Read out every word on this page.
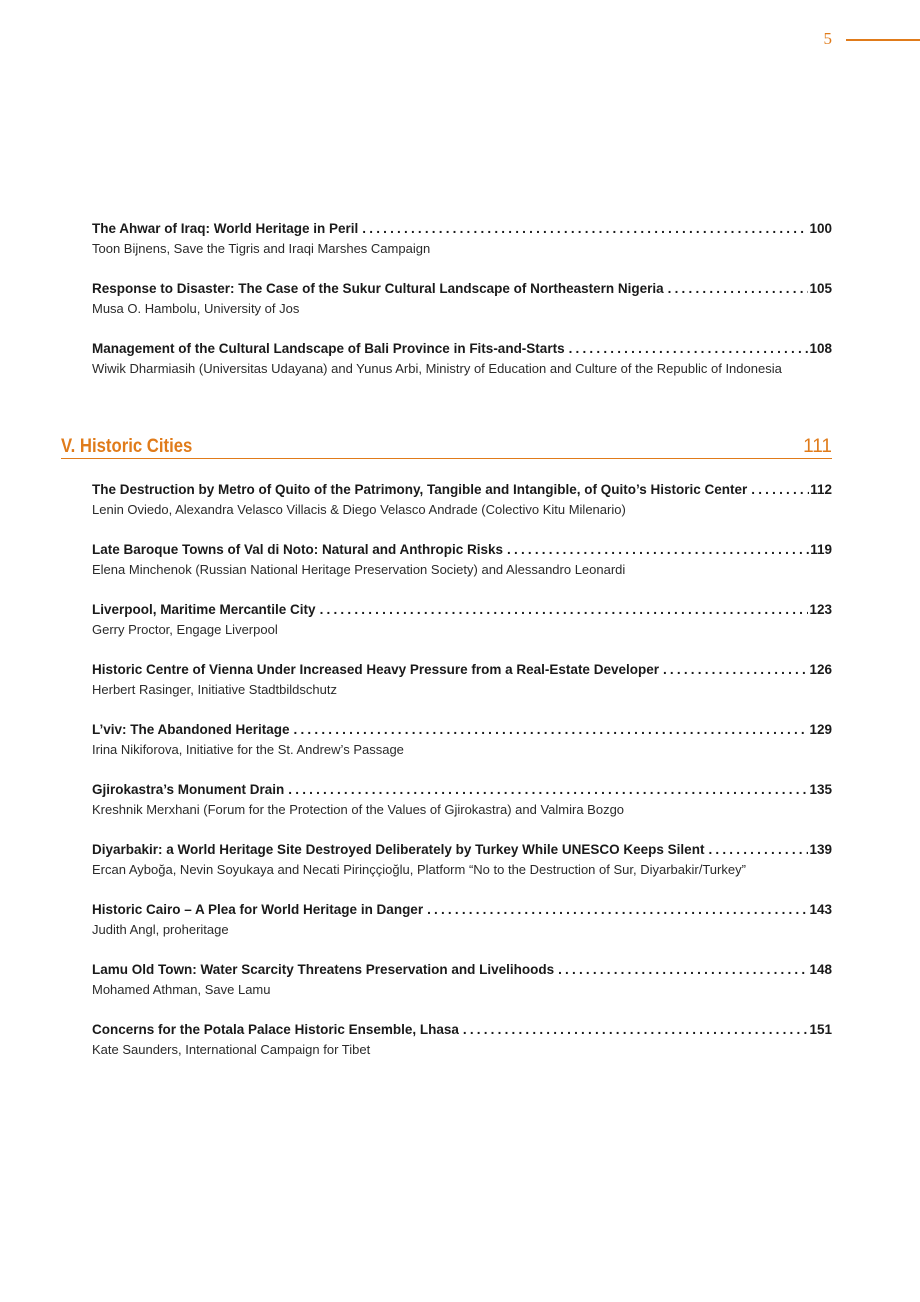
5
The Ahwar of Iraq: World Heritage in Peril .....	100
Toon Bijnens, Save the Tigris and Iraqi Marshes Campaign
Response to Disaster: The Case of the Sukur Cultural Landscape of Northeastern Nigeria .....	105
Musa O. Hambolu, University of Jos
Management of the Cultural Landscape of Bali Province in Fits-and-Starts .....	108
Wiwik Dharmiasih (Universitas Udayana) and Yunus Arbi, Ministry of Education and Culture of the Republic of Indonesia
V. Historic Cities	111
The Destruction by Metro of Quito of the Patrimony, Tangible and Intangible, of Quito’s Historic Center .....	112
Lenin Oviedo, Alexandra Velasco Villacis & Diego Velasco Andrade (Colectivo Kitu Milenario)
Late Baroque Towns of Val di Noto: Natural and Anthropic Risks .....	119
Elena Minchenok (Russian National Heritage Preservation Society) and Alessandro Leonardi
Liverpool, Maritime Mercantile City .....	123
Gerry Proctor, Engage Liverpool
Historic Centre of Vienna Under Increased Heavy Pressure from a Real-Estate Developer .....	126
Herbert Rasinger, Initiative Stadtbildschutz
L’viv: The Abandoned Heritage .....	129
Irina Nikiforova, Initiative for the St. Andrew’s Passage
Gjirokastra’s Monument Drain .....	135
Kreshnik Merxhani (Forum for the Protection of the Values of Gjirokastra) and Valmira Bozgo
Diyarbakir: a World Heritage Site Destroyed Deliberately by Turkey While UNESCO Keeps Silent .....	139
Ercan Ayboğa, Nevin Soyukaya and Necati Pirinççioğlu, Platform “No to the Destruction of Sur, Diyarbakir/Turkey”
Historic Cairo – A Plea for World Heritage in Danger .....	143
Judith Angl, proheritage
Lamu Old Town: Water Scarcity Threatens Preservation and Livelihoods .....	148
Mohamed Athman, Save Lamu
Concerns for the Potala Palace Historic Ensemble, Lhasa .....	151
Kate Saunders, International Campaign for Tibet
